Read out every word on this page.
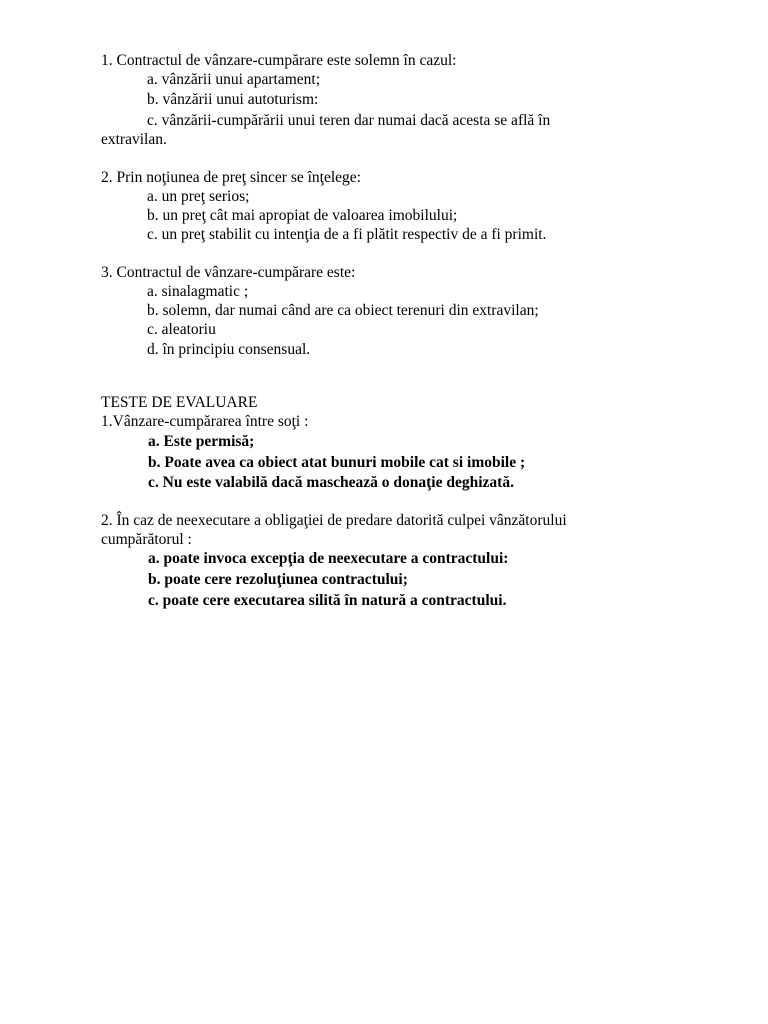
1. Contractul de vânzare-cumpărare este solemn în cazul:
a. vânzării unui apartament;
b. vânzării unui autoturism:
c. vânzării-cumpărării unui teren dar numai dacă acesta se află în
extravilan.
2. Prin noţiunea de preţ sincer se înţelege:
a. un preţ serios;
b. un preţ cât mai apropiat de valoarea imobilului;
c. un preţ stabilit cu intenţia de a fi plătit respectiv de a fi primit.
3. Contractul de vânzare-cumpărare este:
a. sinalagmatic ;
b. solemn, dar numai când are ca obiect terenuri din extravilan;
c. aleatoriu
d. în principiu consensual.
TESTE DE EVALUARE
1.Vânzare-cumpărarea între soţi :
a. Este permisă;
b. Poate avea ca obiect atat bunuri mobile cat si imobile ;
c. Nu este valabilă dacă maschează o donaţie deghizată.
2. În caz de neexecutare a obligaţiei de predare datorită culpei vânzătorului
cumpărătorul :
a. poate invoca excepţia de neexecutare a contractului:
b. poate cere rezoluţiunea contractului;
c. poate cere executarea silită în natură a contractului.
